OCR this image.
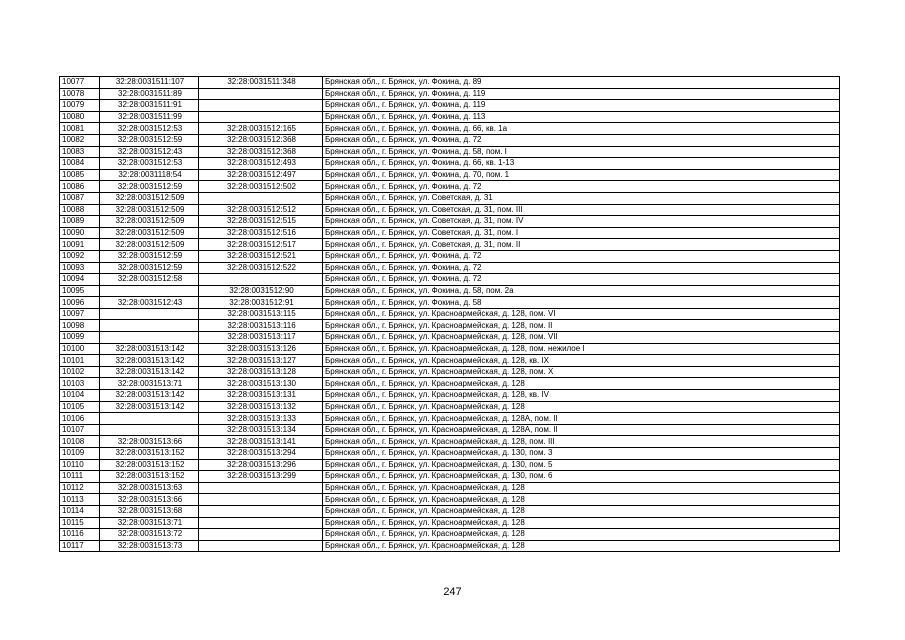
10077	32:28:0031511:107	32:28:0031511:348	Брянская обл., г. Брянск, ул. Фокина, д. 89
10078	32:28:0031511:89		Брянская обл., г. Брянск, ул. Фокина, д. 119
10079	32:28:0031511:91		Брянская обл., г. Брянск, ул. Фокина, д. 119
10080	32:28:0031511:99		Брянская обл., г. Брянск, ул. Фокина, д. 113
10081	32:28:0031512:53	32:28:0031512:165	Брянская обл., г. Брянск, ул. Фокина, д. 66, кв. 1а
10082	32:28:0031512:59	32:28:0031512:368	Брянская обл., г. Брянск, ул. Фокина, д. 72
10083	32:28:0031512:43	32:28:0031512:368	Брянская обл., г. Брянск, ул. Фокина, д. 58, пом. I
10084	32:28:0031512:53	32:28:0031512:493	Брянская обл., г. Брянск, ул. Фокина, д. 66, кв. 1-13
10085	32:28:0031118:54	32:28:0031512:497	Брянская обл., г. Брянск, ул. Фокина, д. 70, пом. 1
10086	32:28:0031512:59	32:28:0031512:502	Брянская обл., г. Брянск, ул. Фокина, д. 72
10087	32:28:0031512:509		Брянская обл., г. Брянск, ул. Советская, д. 31
10088	32:28:0031512:509	32:28:0031512:512	Брянская обл., г. Брянск, ул. Советская, д. 31, пом. III
10089	32:28:0031512:509	32:28:0031512:515	Брянская обл., г. Брянск, ул. Советская, д. 31, пом. IV
10090	32:28:0031512:509	32:28:0031512:516	Брянская обл., г. Брянск, ул. Советская, д. 31, пом. I
10091	32:28:0031512:509	32:28:0031512:517	Брянская обл., г. Брянск, ул. Советская, д. 31, пом. II
10092	32:28:0031512:59	32:28:0031512:521	Брянская обл., г. Брянск, ул. Фокина, д. 72
10093	32:28:0031512:59	32:28:0031512:522	Брянская обл., г. Брянск, ул. Фокина, д. 72
10094	32:28:0031512:58		Брянская обл., г. Брянск, ул. Фокина, д. 72
10095		32:28:0031512:90	Брянская обл., г. Брянск, ул. Фокина, д. 58, пом. 2а
10096	32:28:0031512:43	32:28:0031512:91	Брянская обл., г. Брянск, ул. Фокина, д. 58
10097		32:28:0031513:115	Брянская обл., г. Брянск, ул. Красноармейская, д. 128, пом. VI
10098		32:28:0031513:116	Брянская обл., г. Брянск, ул. Красноармейская, д. 128, пом. II
10099		32:28:0031513:117	Брянская обл., г. Брянск, ул. Красноармейская, д. 128, пом. VII
10100	32:28:0031513:142	32:28:0031513:126	Брянская обл., г. Брянск, ул. Красноармейская, д. 128, пом. нежилое I
10101	32:28:0031513:142	32:28:0031513:127	Брянская обл., г. Брянск, ул. Красноармейская, д. 128, кв. IX
10102	32:28:0031513:142	32:28:0031513:128	Брянская обл., г. Брянск, ул. Красноармейская, д. 128, пом. X
10103	32:28:0031513:71	32:28:0031513:130	Брянская обл., г. Брянск, ул. Красноармейская, д. 128
10104	32:28:0031513:142	32:28:0031513:131	Брянская обл., г. Брянск, ул. Красноармейская, д. 128, кв. IV
10105	32:28:0031513:142	32:28:0031513:132	Брянская обл., г. Брянск, ул. Красноармейская, д. 128
10106		32:28:0031513:133	Брянская обл., г. Брянск, ул. Красноармейская, д. 128А, пом. II
10107		32:28:0031513:134	Брянская обл., г. Брянск, ул. Красноармейская, д. 128А, пом. II
10108	32:28:0031513:66	32:28:0031513:141	Брянская обл., г. Брянск, ул. Красноармейская, д. 128, пом. III
10109	32:28:0031513:152	32:28:0031513:294	Брянская обл., г. Брянск, ул. Красноармейская, д. 130, пом. 3
10110	32:28:0031513:152	32:28:0031513:296	Брянская обл., г. Брянск, ул. Красноармейская, д. 130, пом. 5
10111	32:28:0031513:152	32:28:0031513:299	Брянская обл., г. Брянск, ул. Красноармейская, д. 130, пом. 6
10112	32:28:0031513:63		Брянская обл., г. Брянск, ул. Красноармейская, д. 128
10113	32:28:0031513:66		Брянская обл., г. Брянск, ул. Красноармейская, д. 128
10114	32:28:0031513:68		Брянская обл., г. Брянск, ул. Красноармейская, д. 128
10115	32:28:0031513:71		Брянская обл., г. Брянск, ул. Красноармейская, д. 128
10116	32:28:0031513:72		Брянская обл., г. Брянск, ул. Красноармейская, д. 128
10117	32:28:0031513:73		Брянская обл., г. Брянск, ул. Красноармейская, д. 128
247
